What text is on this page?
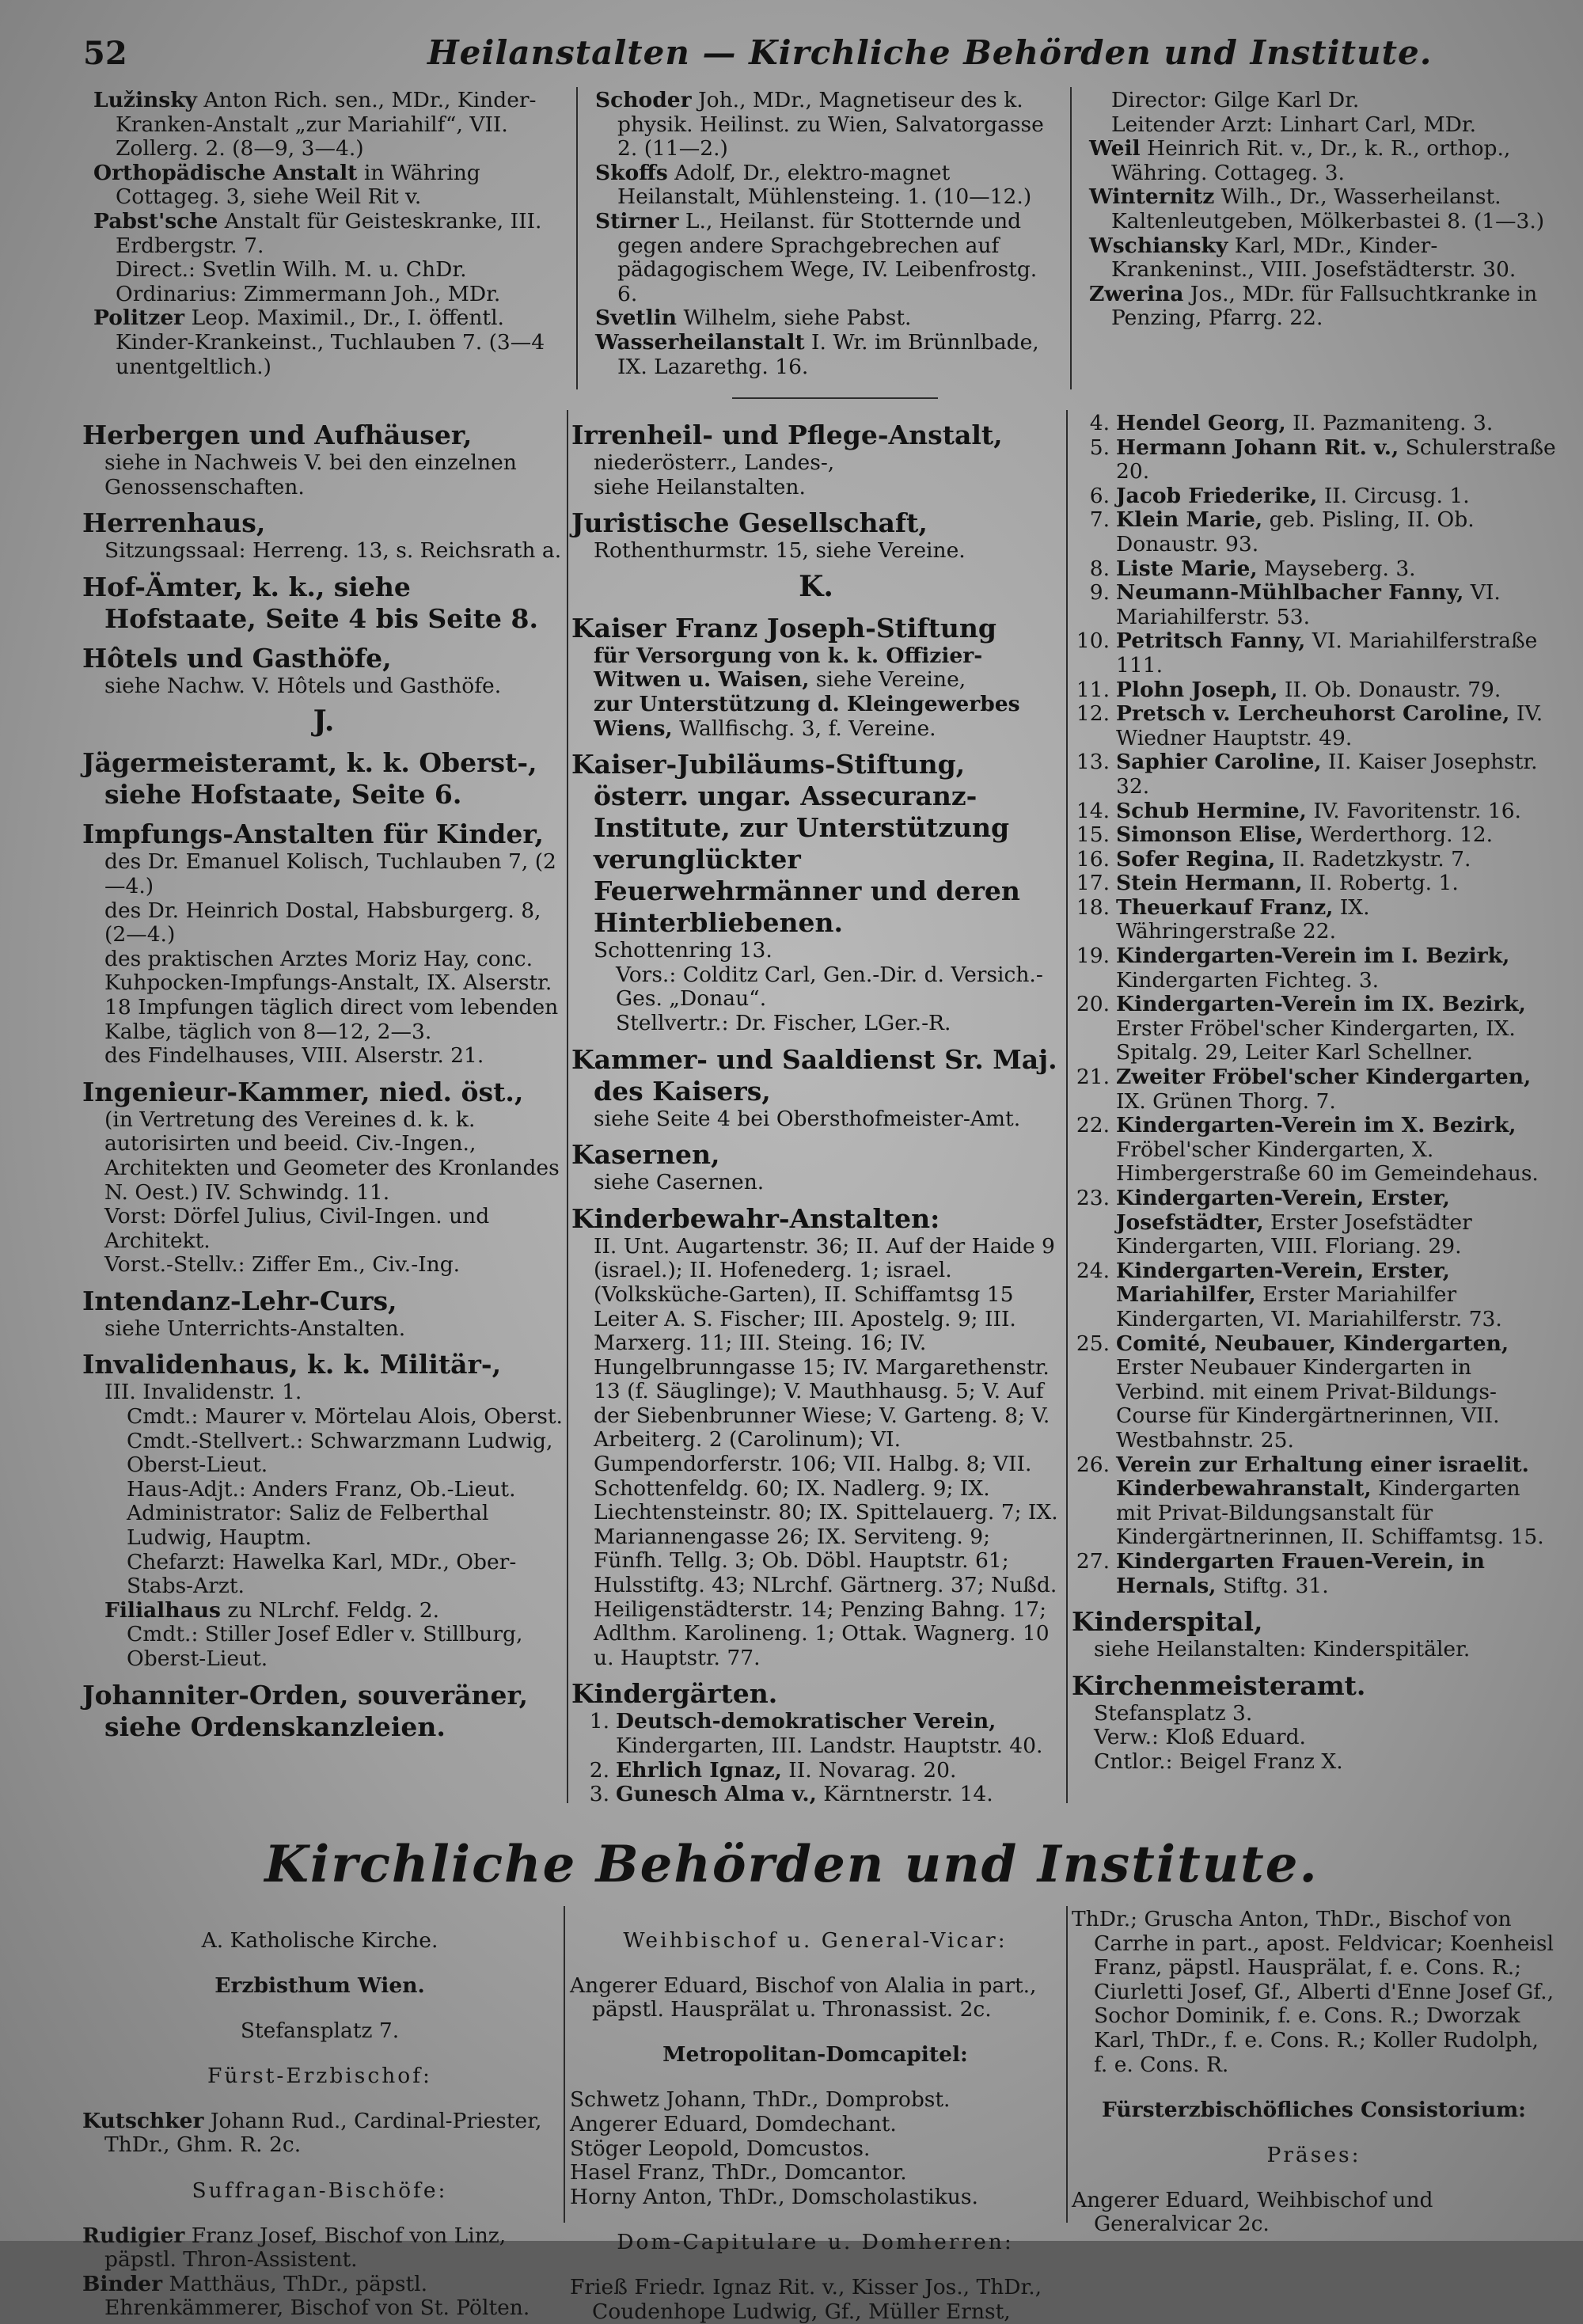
52	Heilanstalten — Kirchliche Behörden und Institute.

Lužinsky Anton Rich. sen., MDr., Kinder-Kranken-Anstalt „zur Mariahilf“, VII. Zollerg. 2. (8—9, 3—4.)

Orthopädische Anstalt in Währing Cottageg. 3, siehe Weil Rit v.

Pabst'sche Anstalt für Geisteskranke, III. Erdbergstr. 7.

Direct.: Svetlin Wilh. M. u. ChDr.

Ordinarius: Zimmermann Joh., MDr.

Politzer Leop. Maximil., Dr., I. öffentl. Kinder-Krankeinst., Tuchlauben 7. (3—4 unentgeltlich.)

Schoder Joh., MDr., Magnetiseur des k. physik. Heilinst. zu Wien, Salvatorgasse 2. (11—2.)

Skoffs Adolf, Dr., elektro-magnet Heilanstalt, Mühlensteing. 1. (10—12.)

Stirner L., Heilanst. für Stotternde und gegen andere Sprachgebrechen auf pädagogischem Wege, IV. Leibenfrostg. 6.

Svetlin Wilhelm, siehe Pabst.

Wasserheilanstalt I. Wr. im Brünnlbade, IX. Lazarethg. 16.

Director: Gilge Karl Dr.

Leitender Arzt: Linhart Carl, MDr.

Weil Heinrich Rit. v., Dr., k. R., orthop., Währing. Cottageg. 3.

Winternitz Wilh., Dr., Wasserheilanst. Kaltenleutgeben, Mölkerbastei 8. (1—3.)

Wschiansky Karl, MDr., Kinder-Krankeninst., VIII. Josefstädterstr. 30.

Zwerina Jos., MDr. für Fallsuchtkranke in Penzing, Pfarrg. 22.

Herbergen und Aufhäuser,

siehe in Nachweis V. bei den einzelnen Genossenschaften.

Herrenhaus,

Sitzungssaal: Herreng. 13, s. Reichsrath a.

Hof-Ämter, k. k., siehe Hofstaate, Seite 4 bis Seite 8.

Hôtels und Gasthöfe,

siehe Nachw. V. Hôtels und Gasthöfe.

J.

Jägermeisteramt, k. k. Oberst-, siehe Hofstaate, Seite 6.

Impfungs-Anstalten für Kinder,

des Dr. Emanuel Kolisch, Tuchlauben 7, (2—4.)

des Dr. Heinrich Dostal, Habsburgerg. 8, (2—4.)

des praktischen Arztes Moriz Hay, conc. Kuhpocken-Impfungs-Anstalt, IX. Alserstr. 18 Impfungen täglich direct vom lebenden Kalbe, täglich von 8—12, 2—3.

des Findelhauses, VIII. Alserstr. 21.

Ingenieur-Kammer, nied. öst.,

(in Vertretung des Vereines d. k. k. autorisirten und beeid. Civ.-Ingen., Architekten und Geometer des Kronlandes N. Oest.) IV. Schwindg. 11.

Vorst: Dörfel Julius, Civil-Ingen. und Architekt.

Vorst.-Stellv.: Ziffer Em., Civ.-Ing.

Intendanz-Lehr-Curs,

siehe Unterrichts-Anstalten.

Invalidenhaus, k. k. Militär-,

III. Invalidenstr. 1.

Cmdt.: Maurer v. Mörtelau Alois, Oberst.

Cmdt.-Stellvert.: Schwarzmann Ludwig, Oberst-Lieut.

Haus-Adjt.: Anders Franz, Ob.-Lieut.

Administrator: Saliz de Felberthal Ludwig, Hauptm.

Chefarzt: Hawelka Karl, MDr., Ober-Stabs-Arzt.

Filialhaus zu NLrchf. Feldg. 2.

Cmdt.: Stiller Josef Edler v. Stillburg, Oberst-Lieut.

Johanniter-Orden, souveräner, siehe Ordenskanzleien.

Irrenheil- und Pflege-Anstalt,

niederösterr., Landes-,

siehe Heilanstalten.

Juristische Gesellschaft,

Rothenthurmstr. 15, siehe Vereine.

K.

Kaiser Franz Joseph-Stiftung

für Versorgung von k. k. Offizier-Witwen u. Waisen, siehe Vereine,

zur Unterstützung d. Kleingewerbes Wiens, Wallfischg. 3, f. Vereine.

Kaiser-Jubiläums-Stiftung, österr. ungar. Assecuranz-Institute, zur Unterstützung verunglückter Feuerwehrmänner und deren Hinterbliebenen.

Schottenring 13.

Vors.: Colditz Carl, Gen.-Dir. d. Versich.-Ges. „Donau“.

Stellvertr.: Dr. Fischer, LGer.-R.

Kammer- und Saaldienst Sr. Maj. des Kaisers,

siehe Seite 4 bei Obersthofmeister-Amt.

Kasernen,

siehe Casernen.

Kinderbewahr-Anstalten:

II. Unt. Augartenstr. 36; II. Auf der Haide 9 (israel.); II. Hofenederg. 1; israel. (Volksküche-Garten), II. Schiffamtsg 15 Leiter A. S. Fischer; III. Apostelg. 9; III. Marxerg. 11; III. Steing. 16; IV. Hungelbrunngasse 15; IV. Margarethenstr. 13 (f. Säuglinge); V. Mauthhausg. 5; V. Auf der Siebenbrunner Wiese; V. Garteng. 8; V. Arbeiterg. 2 (Carolinum); VI. Gumpendorferstr. 106; VII. Halbg. 8; VII. Schottenfeldg. 60; IX. Nadlerg. 9; IX. Liechtensteinstr. 80; IX. Spittelauerg. 7; IX. Mariannengasse 26; IX. Serviteng. 9; Fünfh. Tellg. 3; Ob. Döbl. Hauptstr. 61; Hulsstiftg. 43; NLrchf. Gärtnerg. 37; Nußd. Heiligenstädterstr. 14; Penzing Bahng. 17; Adlthm. Karolineng. 1; Ottak. Wagnerg. 10 u. Hauptstr. 77.

Kindergärten.

1. Deutsch-demokratischer Verein, Kindergarten, III. Landstr. Hauptstr. 40.

2. Ehrlich Ignaz, II. Novarag. 20.

3. Gunesch Alma v., Kärntnerstr. 14.

4. Hendel Georg, II. Pazmaniteng. 3.

5. Hermann Johann Rit. v., Schulerstraße 20.

6. Jacob Friederike, II. Circusg. 1.

7. Klein Marie, geb. Pisling, II. Ob. Donaustr. 93.

8. Liste Marie, Mayseberg. 3.

9. Neumann-Mühlbacher Fanny, VI. Mariahilferstr. 53.

10. Petritsch Fanny, VI. Mariahilferstraße 111.

11. Plohn Joseph, II. Ob. Donaustr. 79.

12. Pretsch v. Lercheuhorst Caroline, IV. Wiedner Hauptstr. 49.

13. Saphier Caroline, II. Kaiser Josephstr. 32.

14. Schub Hermine, IV. Favoritenstr. 16.

15. Simonson Elise, Werderthorg. 12.

16. Sofer Regina, II. Radetzkystr. 7.

17. Stein Hermann, II. Robertg. 1.

18. Theuerkauf Franz, IX. Währingerstraße 22.

19. Kindergarten-Verein im I. Bezirk, Kindergarten Fichteg. 3.

20. Kindergarten-Verein im IX. Bezirk, Erster Fröbel'scher Kindergarten, IX. Spitalg. 29, Leiter Karl Schellner.

21. Zweiter Fröbel'scher Kindergarten, IX. Grünen Thorg. 7.

22. Kindergarten-Verein im X. Bezirk, Fröbel'scher Kindergarten, X. Himbergerstraße 60 im Gemeindehaus.

23. Kindergarten-Verein, Erster, Josefstädter, Erster Josefstädter Kindergarten, VIII. Floriang. 29.

24. Kindergarten-Verein, Erster, Mariahilfer, Erster Mariahilfer Kindergarten, VI. Mariahilferstr. 73.

25. Comité, Neubauer, Kindergarten, Erster Neubauer Kindergarten in Verbind. mit einem Privat-Bildungs-Course für Kindergärtnerinnen, VII. Westbahnstr. 25.

26. Verein zur Erhaltung einer israelit. Kinderbewahranstalt, Kindergarten mit Privat-Bildungsanstalt für Kindergärtnerinnen, II. Schiffamtsg. 15.

27. Kindergarten Frauen-Verein, in Hernals, Stiftg. 31.

Kinderspital,

siehe Heilanstalten: Kinderspitäler.

Kirchenmeisteramt.

Stefansplatz 3.

Verw.: Kloß Eduard.

Cntlor.: Beigel Franz X.

Kirchliche Behörden und Institute.

A. Katholische Kirche.

Erzbisthum Wien.

Stefansplatz 7.

Fürst-Erzbischof:

Kutschker Johann Rud., Cardinal-Priester, ThDr., Ghm. R. 2c.

Suffragan-Bischöfe:

Rudigier Franz Josef, Bischof von Linz, päpstl. Thron-Assistent.

Binder Matthäus, ThDr., päpstl. Ehrenkämmerer, Bischof von St. Pölten.

Weihbischof u. General-Vicar:

Angerer Eduard, Bischof von Alalia in part., päpstl. Hausprälat u. Thronassist. 2c.

Metropolitan-Domcapitel:

Schwetz Johann, ThDr., Domprobst.

Angerer Eduard, Domdechant.

Stöger Leopold, Domcustos.

Hasel Franz, ThDr., Domcantor.

Horny Anton, ThDr., Domscholastikus.

Dom-Capitulare u. Domherren:

Frieß Friedr. Ignaz Rit. v., Kisser Jos., ThDr., Coudenhope Ludwig, Gf., Müller Ernst,

ThDr.; Gruscha Anton, ThDr., Bischof von Carrhe in part., apost. Feldvicar; Koenheisl Franz, päpstl. Hausprälat, f. e. Cons. R.; Ciurletti Josef, Gf., Alberti d'Enne Josef Gf., Sochor Dominik, f. e. Cons. R.; Dworzak Karl, ThDr., f. e. Cons. R.; Koller Rudolph, f. e. Cons. R.

Fürsterzbischöfliches Consistorium:

Präses:

Angerer Eduard, Weihbischof und Generalvicar 2c.
